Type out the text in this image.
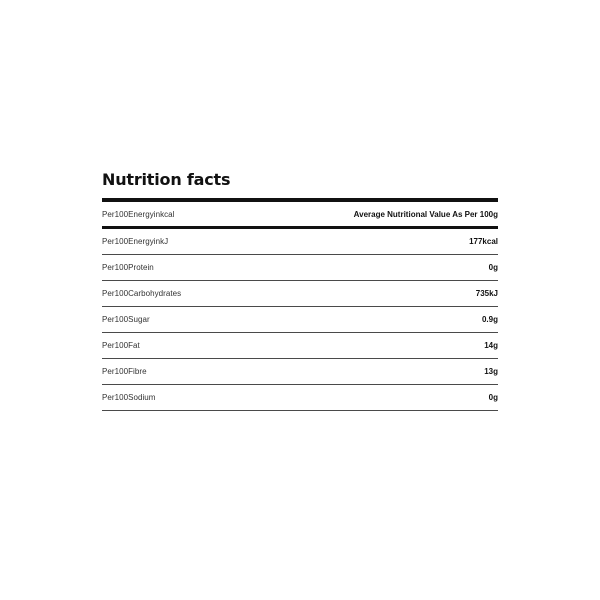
Nutrition facts
Per100Energyinkcal	Average Nutritional Value As Per 100g
Per100EnergyinkJ	177kcal
Per100Protein	0g
Per100Carbohydrates	735kJ
Per100Sugar	0.9g
Per100Fat	14g
Per100Fibre	13g
Per100Sodium	0g
